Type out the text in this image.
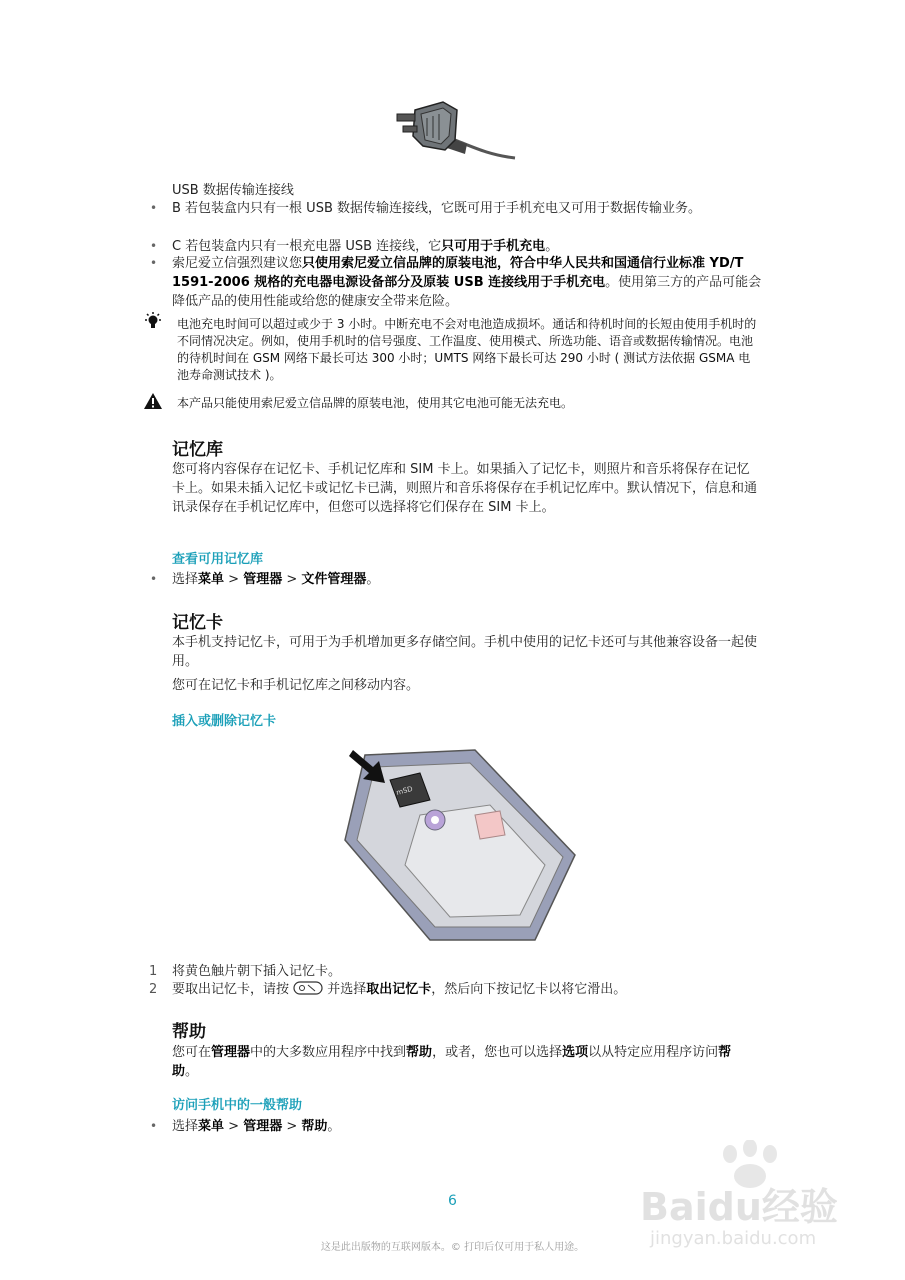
USB 数据传输连接线
• B 若包装盒内只有一根 USB 数据传输连接线，它既可用于手机充电又可用于数据传输业务。
• C 若包装盒内只有一根充电器 USB 连接线，它只可用于手机充电。
• 索尼爱立信强烈建议您只使用索尼爱立信品牌的原装电池，符合中华人民共和国通信行业标准 YD/T 1591-2006 规格的充电器电源设备部分及原装 USB 连接线用于手机充电。使用第三方的产品可能会降低产品的使用性能或给您的健康安全带来危险。
电池充电时间可以超过或少于 3 小时。中断充电不会对电池造成损坏。通话和待机时间的长短由使用手机时的不同情况决定。例如，使用手机时的信号强度、工作温度、使用模式、所选功能、语音或数据传输情况。电池的待机时间在 GSM 网络下最长可达 300 小时；UMTS 网络下最长可达 290 小时 ( 测试方法依据 GSMA 电池寿命测试技术 )。
本产品只能使用索尼爱立信品牌的原装电池，使用其它电池可能无法充电。
记忆库
您可将内容保存在记忆卡、手机记忆库和 SIM 卡上。如果插入了记忆卡，则照片和音乐将保存在记忆卡上。如果未插入记忆卡或记忆卡已满，则照片和音乐将保存在手机记忆库中。默认情况下，信息和通讯录保存在手机记忆库中，但您可以选择将它们保存在 SIM 卡上。
查看可用记忆库
• 选择菜单 > 管理器 > 文件管理器。
记忆卡
本手机支持记忆卡，可用于为手机增加更多存储空间。手机中使用的记忆卡还可与其他兼容设备一起使用。
您可在记忆卡和手机记忆库之间移动内容。
插入或删除记忆卡
mSD
1 将黄色触片朝下插入记忆卡。
2 要取出记忆卡，请按  并选择取出记忆卡，然后向下按记忆卡以将它滑出。
帮助
您可在管理器中的大多数应用程序中找到帮助，或者，您也可以选择选项以从特定应用程序访问帮助。
访问手机中的一般帮助
• 选择菜单 > 管理器 > 帮助。
6
这是此出版物的互联网版本。© 打印后仅可用于私人用途。
Baidu经验
jingyan.baidu.com
